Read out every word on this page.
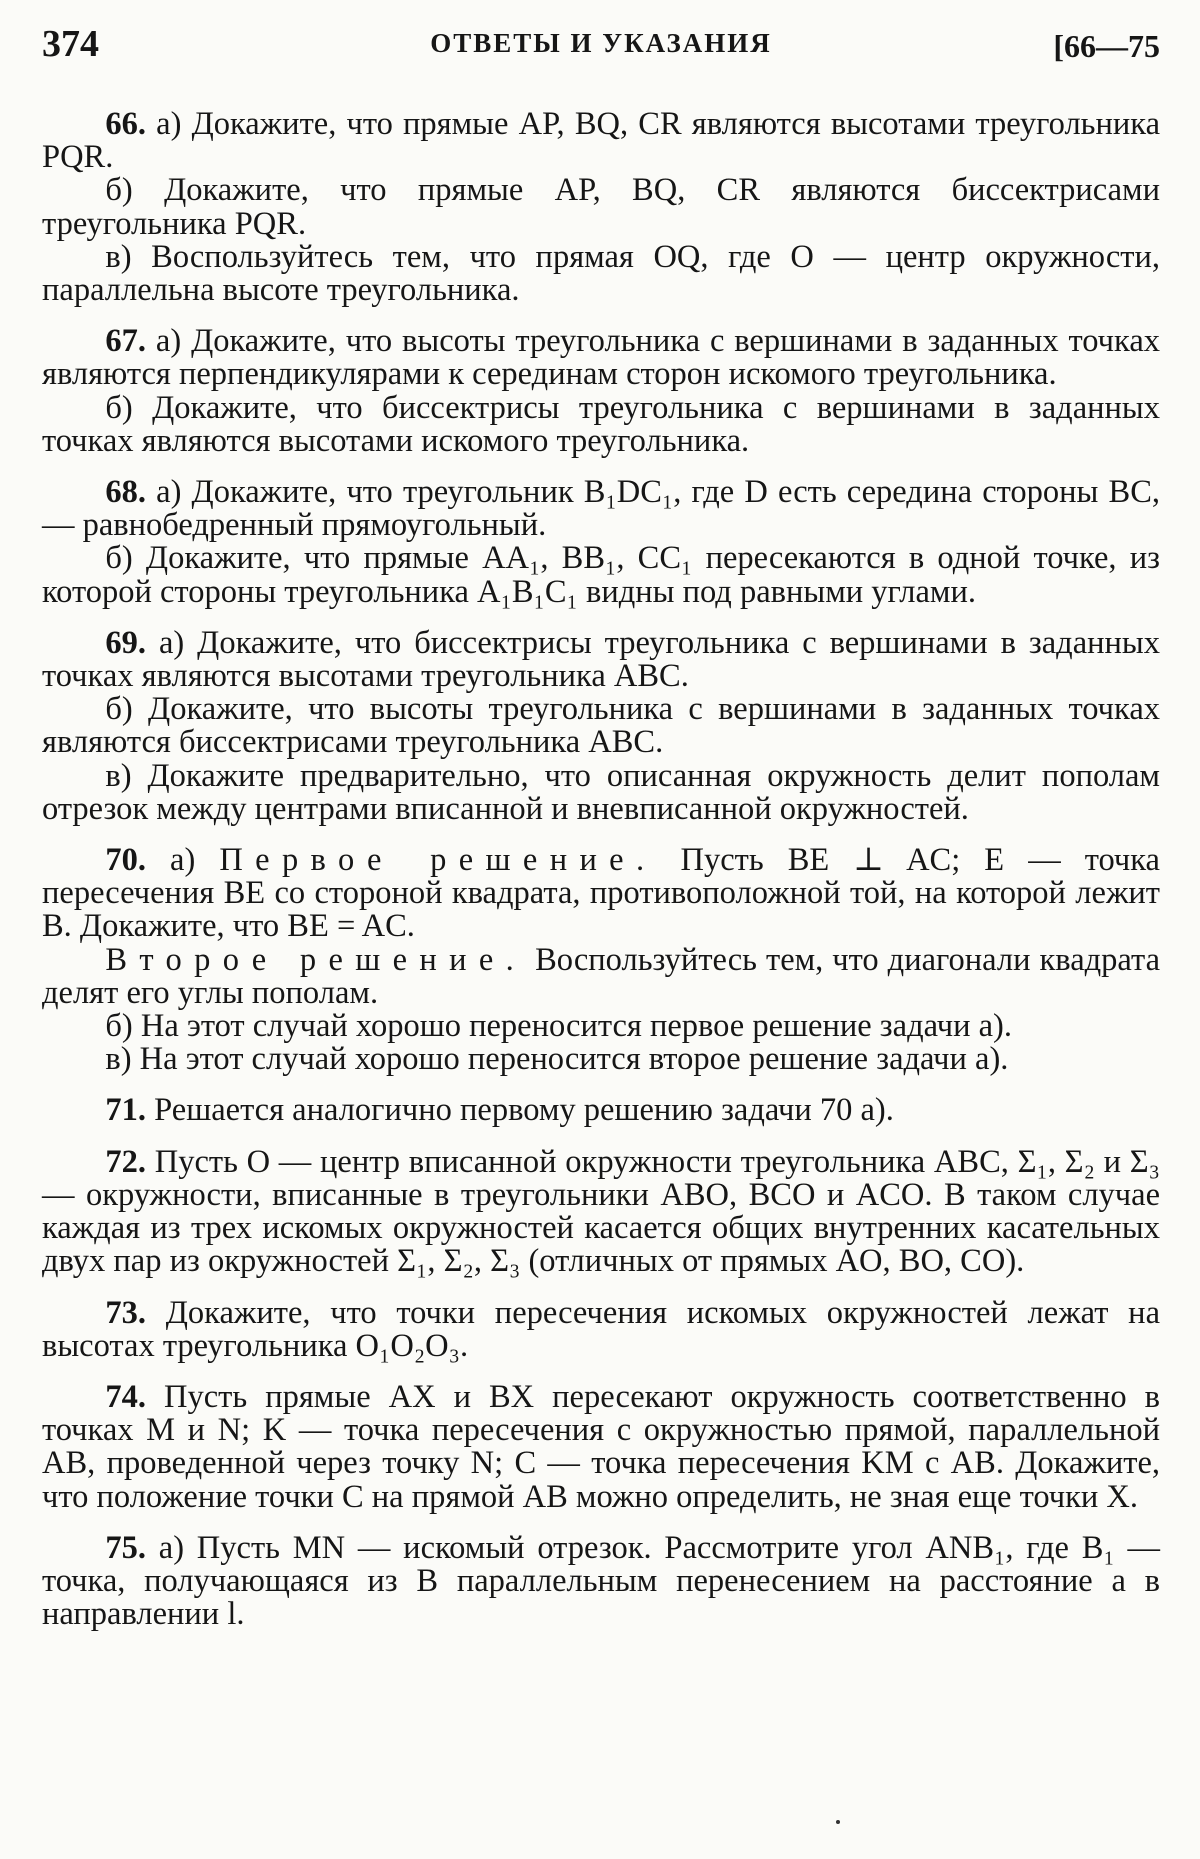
374	ОТВЕТЫ И УКАЗАНИЯ	[66—75

66. а) Докажите, что прямые AP, BQ, CR являются высотами треугольника PQR.

б) Докажите, что прямые AP, BQ, CR являются биссектрисами треугольника PQR.

в) Воспользуйтесь тем, что прямая OQ, где O — центр окружности, параллельна высоте треугольника.

67. а) Докажите, что высоты треугольника с вершинами в заданных точках являются перпендикулярами к серединам сторон искомого треугольника.

б) Докажите, что биссектрисы треугольника с вершинами в заданных точках являются высотами искомого треугольника.

68. а) Докажите, что треугольник B₁DC₁, где D есть середина стороны BC,— равнобедренный прямоугольный.

б) Докажите, что прямые AA₁, BB₁, CC₁ пересекаются в одной точке, из которой стороны треугольника A₁B₁C₁ видны под равными углами.

69. а) Докажите, что биссектрисы треугольника с вершинами в заданных точках являются высотами треугольника ABC.

б) Докажите, что высоты треугольника с вершинами в заданных точках являются биссектрисами треугольника ABC.

в) Докажите предварительно, что описанная окружность делит пополам отрезок между центрами вписанной и вневписанной окружностей.

70. а) Первое решение. Пусть BE ⊥ AC; E — точка пересечения BE со стороной квадрата, противоположной той, на которой лежит B. Докажите, что BE = AC.

Второе решение. Воспользуйтесь тем, что диагонали квадрата делят его углы пополам.

б) На этот случай хорошо переносится первое решение задачи а).

в) На этот случай хорошо переносится второе решение задачи а).

71. Решается аналогично первому решению задачи 70 а).

72. Пусть O — центр вписанной окружности треугольника ABC, Σ₁, Σ₂ и Σ₃ — окружности, вписанные в треугольники ABO, BCO и ACO. В таком случае каждая из трех искомых окружностей касается общих внутренних касательных двух пар из окружностей Σ₁, Σ₂, Σ₃ (отличных от прямых AO, BO, CO).

73. Докажите, что точки пересечения искомых окружностей лежат на высотах треугольника O₁O₂O₃.

74. Пусть прямые AX и BX пересекают окружность соответственно в точках M и N; K — точка пересечения с окружностью прямой, параллельной AB, проведенной через точку N; C — точка пересечения KM с AB. Докажите, что положение точки C на прямой AB можно определить, не зная еще точки X.

75. а) Пусть MN — искомый отрезок. Рассмотрите угол ANB₁, где B₁ — точка, получающаяся из B параллельным перенесением на расстояние a в направлении l.
